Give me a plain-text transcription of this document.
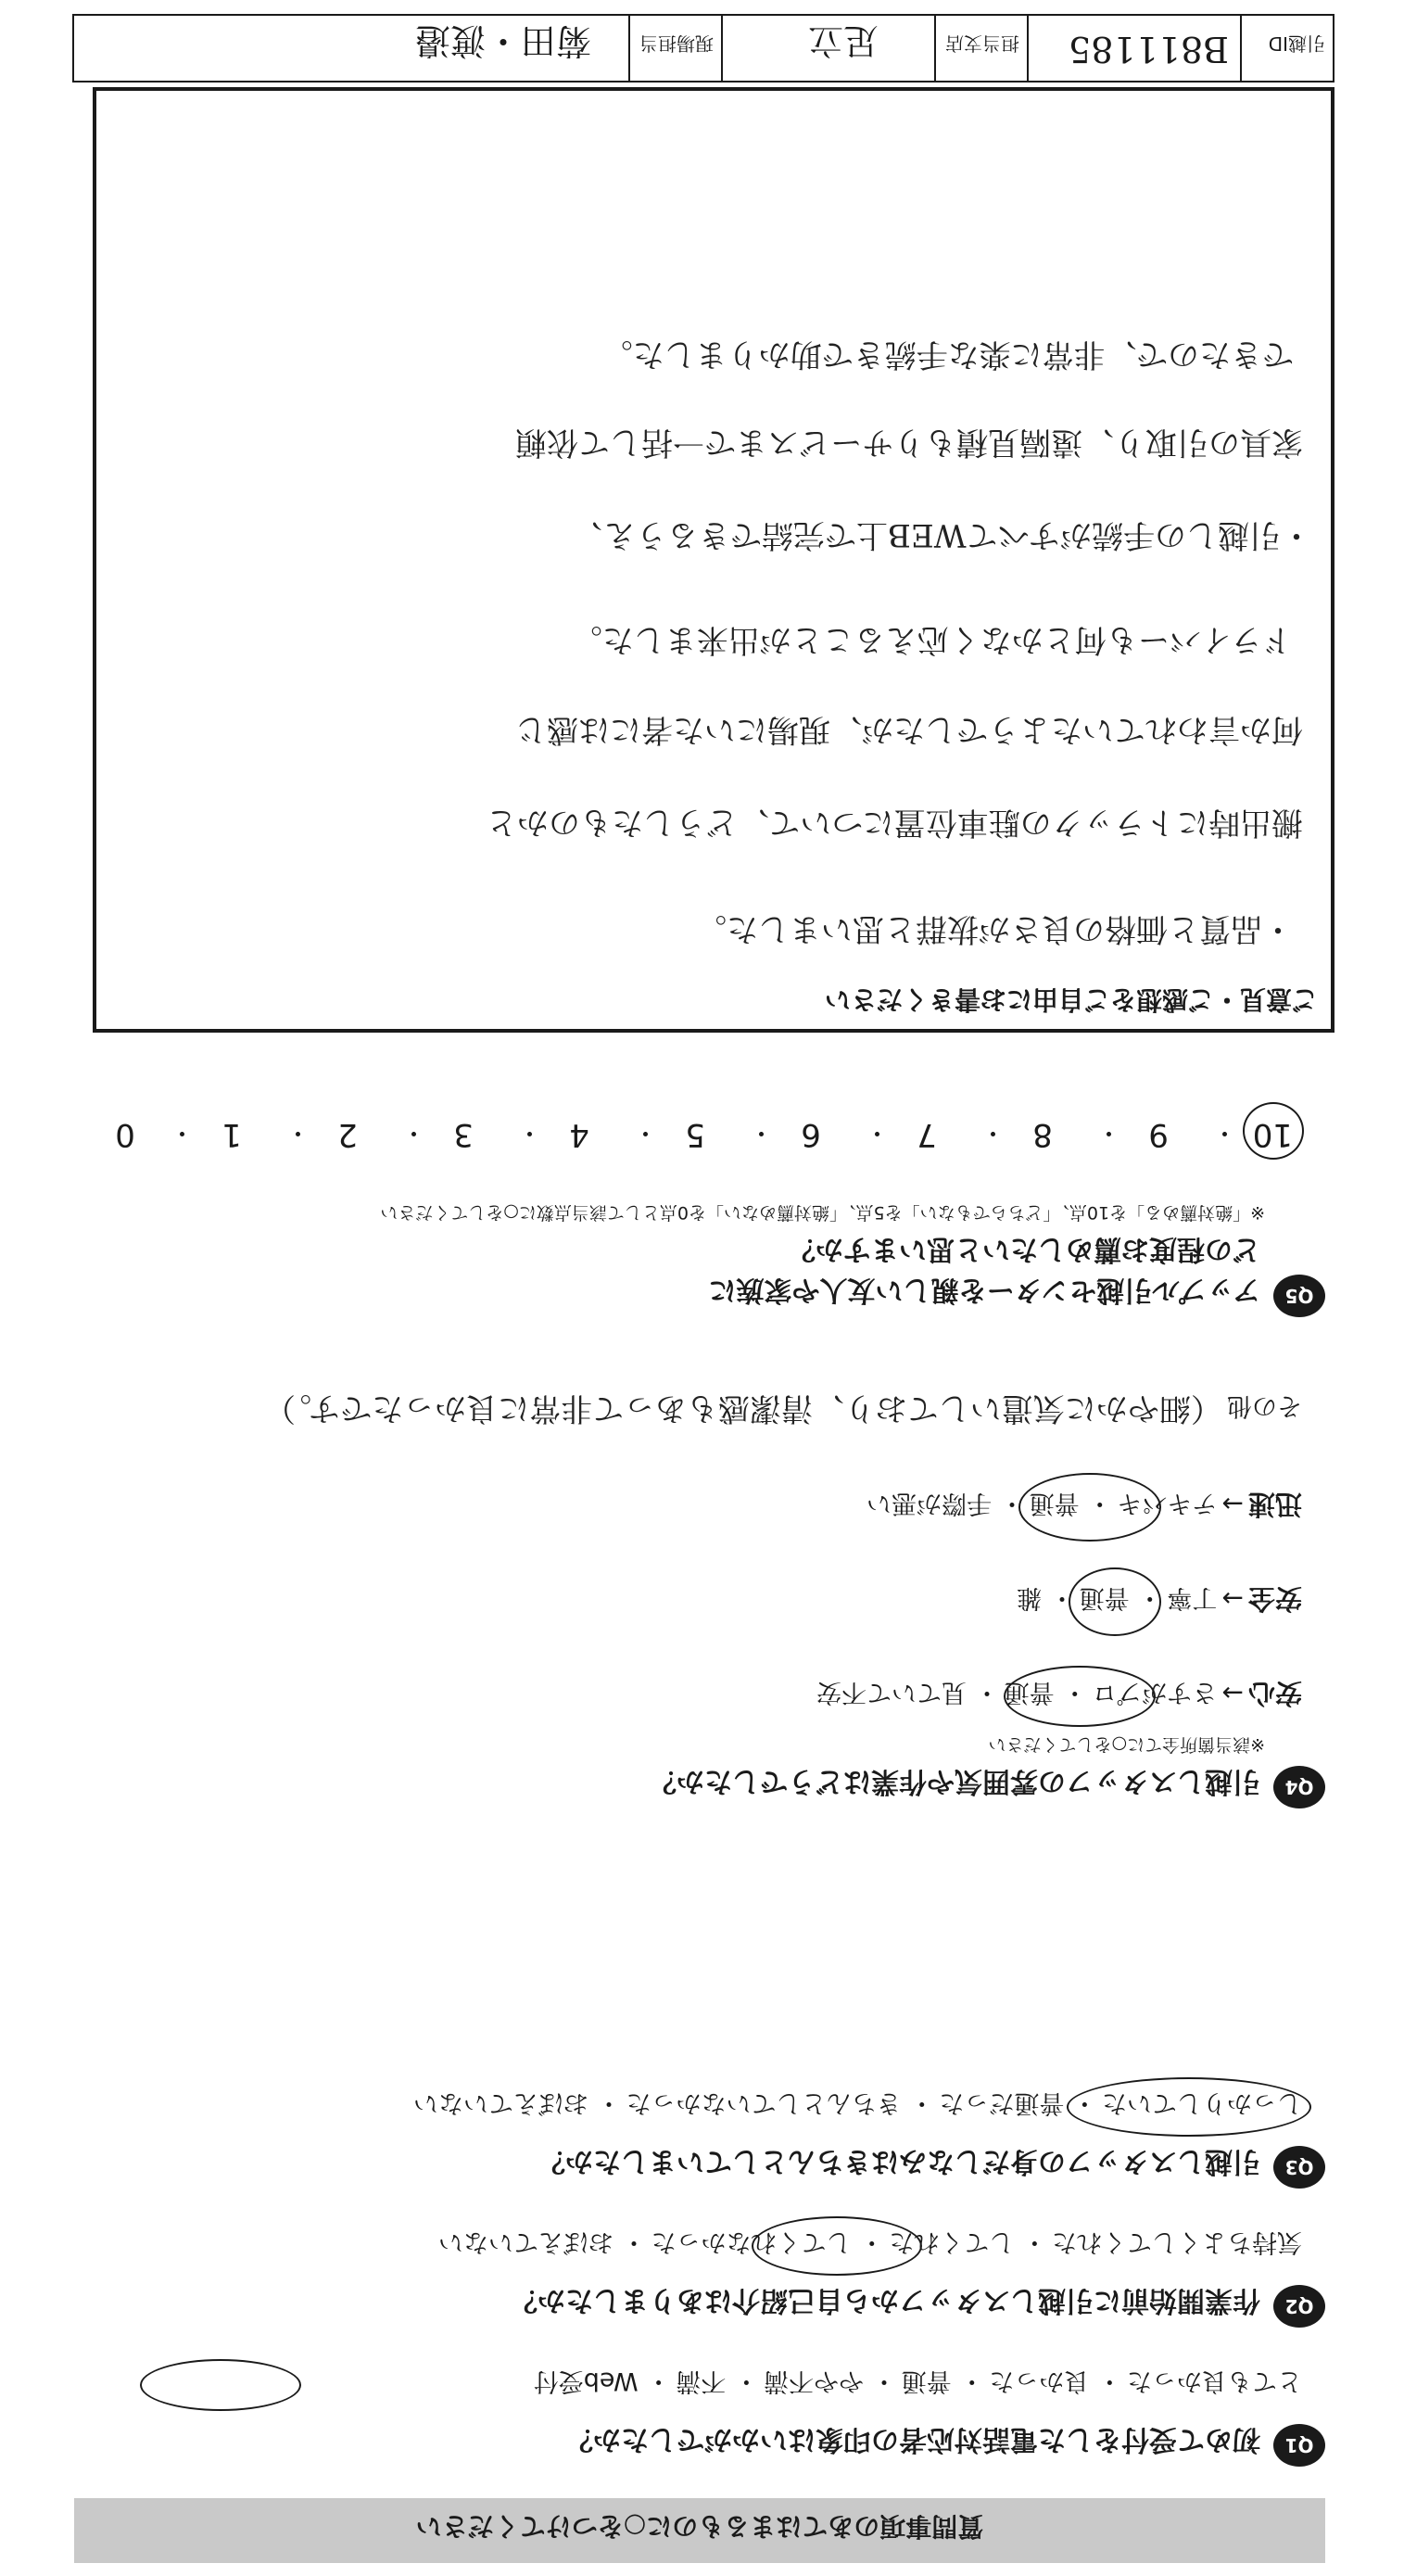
質問事項のあてはまるものに○をつけてください
Q1
初めて受付をした電話対応者の印象はいかがでしたか？
とても良かった ・ 良かった ・ 普通 ・ やや不満 ・ 不満 ・ Web受付
Q2
作業開始前に引越しスタッフから自己紹介はありましたか？
気持ちよくしてくれた ・ してくれた ・ してくれなかった ・ おぼえていない
Q3
引越しスタッフの身だしなみはきちんとしていましたか？
しっかりしていた ・ 普通だった ・ きちんとしていなかった ・ おぼえていない
Q4
引越しスタッフの雰囲気や作業はどうでしたか？
※該当箇所全てに○をしてください
安心 → さすがプロ ・ 普通 ・ 見ていて不安
安全 → 丁寧 ・ 普通 ・ 雑
迅速 → テキパキ ・ 普通 ・ 手際が悪い
その他 （細やかに気遣いしており、清潔感もあって非常に良かったです。）
Q5
アップル引越センターを親しい友人や家族に
どの程度お薦めしたいと思いますか？
※「絶対薦める」を10点、「どちらでもない」を5点、「絶対薦めない」を0点として該当点数に○をしてください
10
・
9
・
8
・
7
・
6
・
5
・
4
・
3
・
2
・
1
・
0
ご意見・ご感想をご自由にお書きください
・品質と価格の良さが抜群と思いました。
搬出時にトラックの駐車位置について、どうしたものかと
何か言われていたようでしたが、現場にいた者には感じ
ドライバーも何とかなく応えることが出来ました。
・引越しの手続がすべてWEB上で完結できるうえ、
家具の引取り、遠隔見積もりサービスまで一括して依頼
できたので、非常に楽な手続きで助かりました。
引越ID
B811185
担当支店
足立
現場担当
菊田・渡邉
